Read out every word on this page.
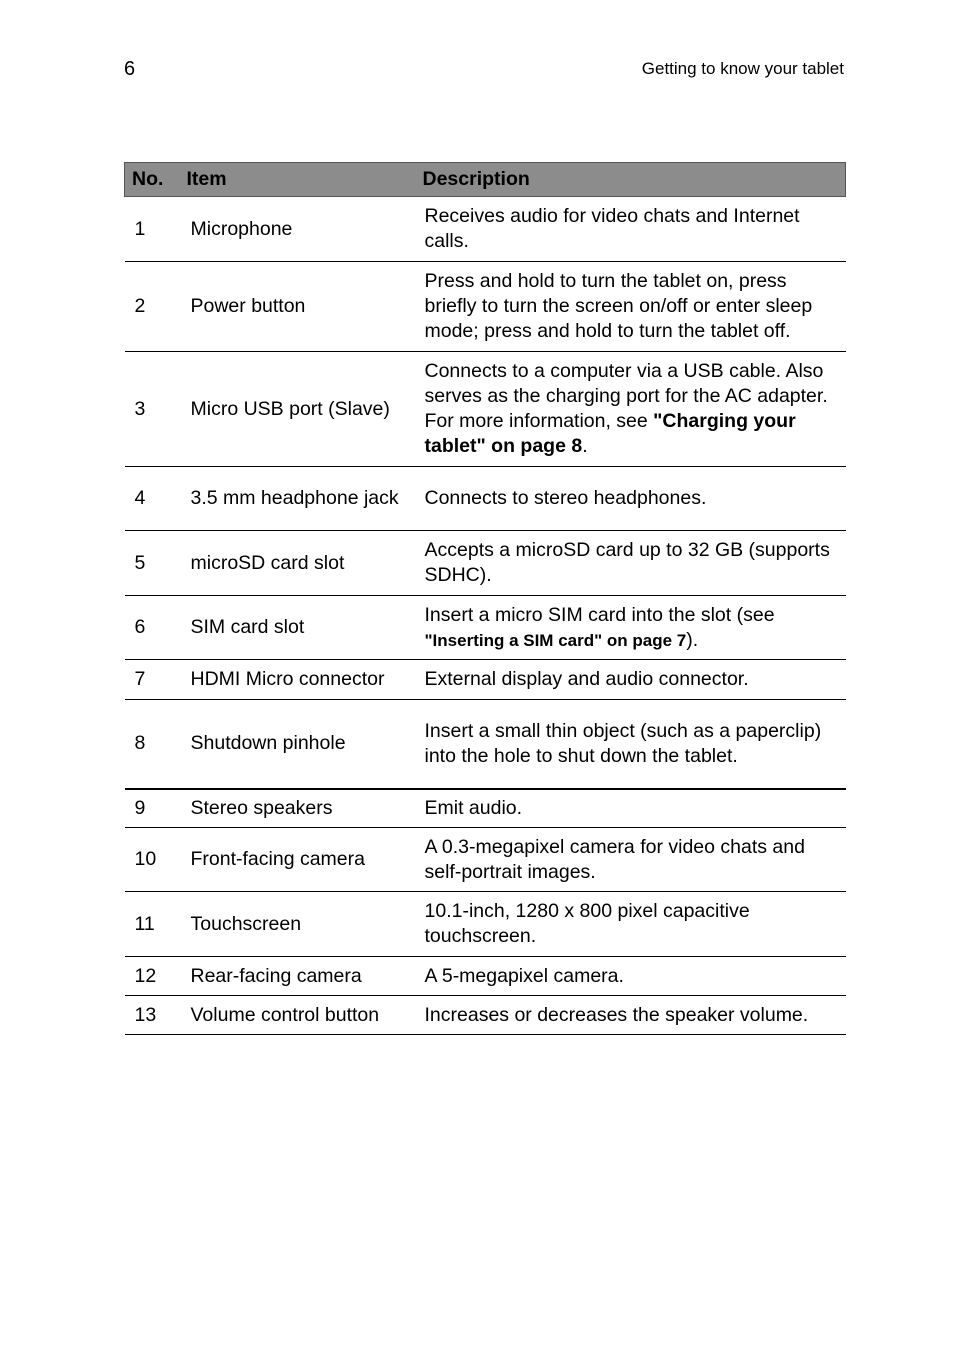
6	Getting to know your tablet
No.	Item	Description
1	Microphone	Receives audio for video chats and Internet calls.
2	Power button	Press and hold to turn the tablet on, press briefly to turn the screen on/off or enter sleep mode; press and hold to turn the tablet off.
3	Micro USB port (Slave)	Connects to a computer via a USB cable. Also serves as the charging port for the AC adapter. For more information, see "Charging your tablet" on page 8.
4	3.5 mm headphone jack	Connects to stereo headphones.
5	microSD card slot	Accepts a microSD card up to 32 GB (supports SDHC).
6	SIM card slot	Insert a micro SIM card into the slot (see
"Inserting a SIM card" on page 7).
7	HDMI Micro connector	External display and audio connector.
8	Shutdown pinhole	Insert a small thin object (such as a paperclip) into the hole to shut down the tablet.
9	Stereo speakers	Emit audio.
10	Front-facing camera	A 0.3-megapixel camera for video chats and self-portrait images.
11	Touchscreen	10.1-inch, 1280 x 800 pixel capacitive touchscreen.
12	Rear-facing camera	A 5-megapixel camera.
13	Volume control button	Increases or decreases the speaker volume.
